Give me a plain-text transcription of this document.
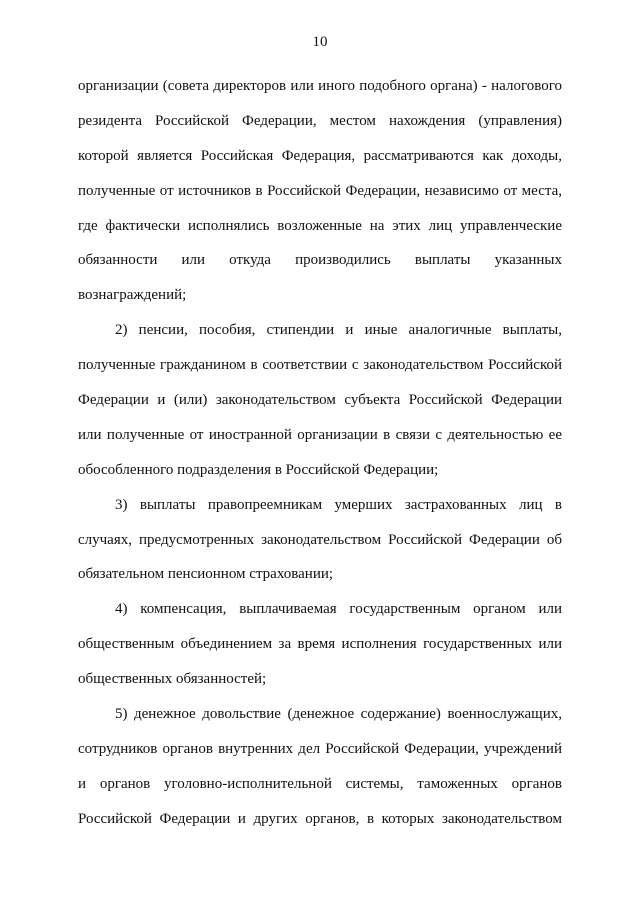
10
организации (совета директоров или иного подобного органа) - налогового
резидента Российской Федерации, местом нахождения (управления)
которой является Российская Федерация, рассматриваются как доходы,
полученные от источников в Российской Федерации, независимо от места,
где фактически исполнялись возложенные на этих лиц управленческие
обязанности или откуда производились выплаты указанных
вознаграждений;
2) пенсии, пособия, стипендии и иные аналогичные выплаты,
полученные гражданином в соответствии с законодательством Российской
Федерации и (или) законодательством субъекта Российской Федерации
или полученные от иностранной организации в связи с деятельностью ее
обособленного подразделения в Российской Федерации;
3) выплаты правопреемникам умерших застрахованных лиц в
случаях, предусмотренных законодательством Российской Федерации об
обязательном пенсионном страховании;
4) компенсация, выплачиваемая государственным органом или
общественным объединением за время исполнения государственных или
общественных обязанностей;
5) денежное довольствие (денежное содержание) военнослужащих,
сотрудников органов внутренних дел Российской Федерации, учреждений
и органов уголовно-исполнительной системы, таможенных органов
Российской Федерации и других органов, в которых законодательством
